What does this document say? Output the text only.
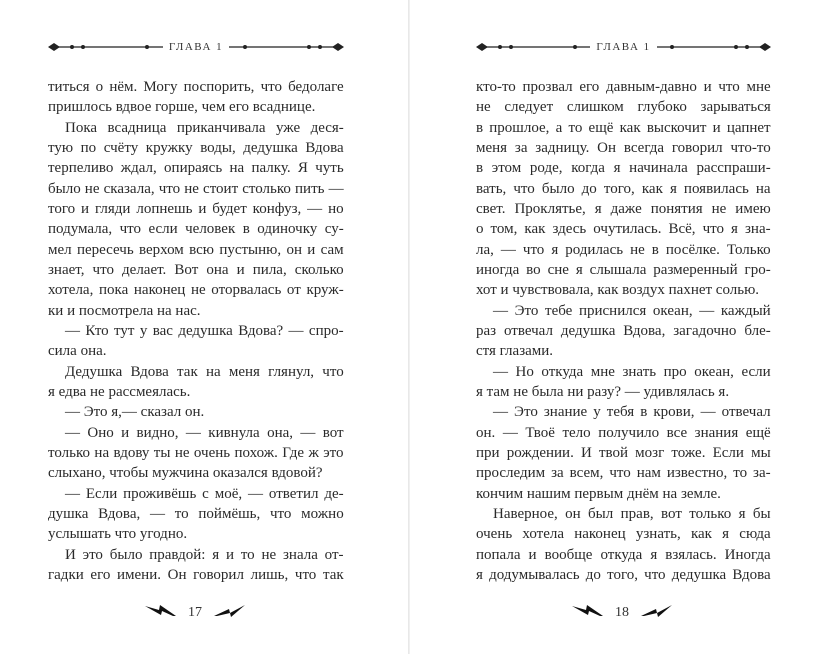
ГЛАВА 1
титься о нём. Могу поспорить, что бедолаге
пришлось вдвое горше, чем его всаднице.
Пока всадница приканчивала уже деся-
тую по счёту кружку воды, дедушка Вдова
терпеливо ждал, опираясь на палку. Я чуть
было не сказала, что не стоит столько пить —
того и гляди лопнешь и будет конфуз, — но
подумала, что если человек в одиночку су-
мел пересечь верхом всю пустыню, он и сам
знает, что делает. Вот она и пила, сколько
хотела, пока наконец не оторвалась от круж-
ки и посмотрела на нас.
— Кто тут у вас дедушка Вдова? — спро-
сила она.
Дедушка Вдова так на меня глянул, что
я едва не рассмеялась.
— Это я,— сказал он.
— Оно и видно, — кивнула она, — вот
только на вдову ты не очень похож. Где ж это
слыхано, чтобы мужчина оказался вдовой?
— Если проживёшь с моё, — ответил де-
душка Вдова, — то поймёшь, что можно
услышать что угодно.
И это было правдой: я и то не знала от-
гадки его имени. Он говорил лишь, что так
17
ГЛАВА 1
кто-то прозвал его давным-давно и что мне
не следует слишком глубоко зарываться
в прошлое, а то ещё как выскочит и цапнет
меня за задницу. Он всегда говорил что-то
в этом роде, когда я начинала расспраши-
вать, что было до того, как я появилась на
свет. Проклятье, я даже понятия не имею
о том, как здесь очутилась. Всё, что я зна-
ла, — что я родилась не в посёлке. Только
иногда во сне я слышала размеренный гро-
хот и чувствовала, как воздух пахнет солью.
— Это тебе приснился океан, — каждый
раз отвечал дедушка Вдова, загадочно бле-
стя глазами.
— Но откуда мне знать про океан, если
я там не была ни разу? — удивлялась я.
— Это знание у тебя в крови, — отвечал
он. — Твоё тело получило все знания ещё
при рождении. И твой мозг тоже. Если мы
проследим за всем, что нам известно, то за-
кончим нашим первым днём на земле.
Наверное, он был прав, вот только я бы
очень хотела наконец узнать, как я сюда
попала и вообще откуда я взялась. Иногда
я додумывалась до того, что дедушка Вдова
18
